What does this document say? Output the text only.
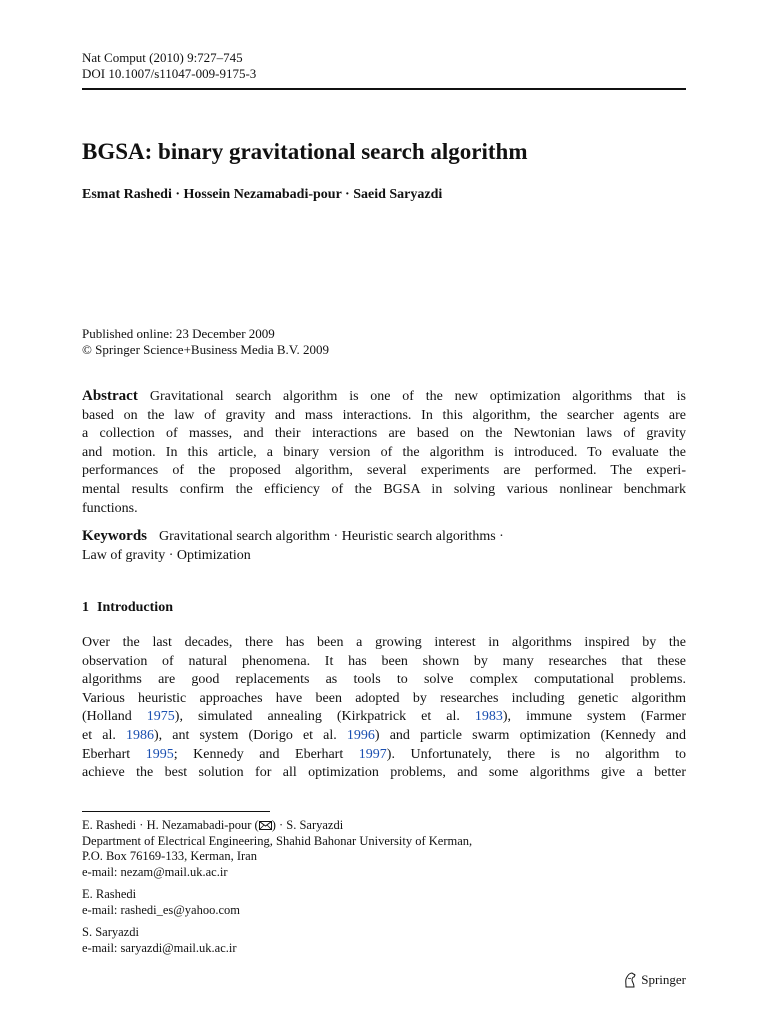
Nat Comput (2010) 9:727–745
DOI 10.1007/s11047-009-9175-3
BGSA: binary gravitational search algorithm
Esmat Rashedi · Hossein Nezamabadi-pour · Saeid Saryazdi
Published online: 23 December 2009
© Springer Science+Business Media B.V. 2009
Abstract Gravitational search algorithm is one of the new optimization algorithms that is
based on the law of gravity and mass interactions. In this algorithm, the searcher agents are
a collection of masses, and their interactions are based on the Newtonian laws of gravity
and motion. In this article, a binary version of the algorithm is introduced. To evaluate the
performances of the proposed algorithm, several experiments are performed. The experi-
mental results confirm the efficiency of the BGSA in solving various nonlinear benchmark
functions.
Keywords Gravitational search algorithm · Heuristic search algorithms ·
Law of gravity · Optimization
1 Introduction
Over the last decades, there has been a growing interest in algorithms inspired by the
observation of natural phenomena. It has been shown by many researches that these
algorithms are good replacements as tools to solve complex computational problems.
Various heuristic approaches have been adopted by researches including genetic algorithm
(Holland 1975), simulated annealing (Kirkpatrick et al. 1983), immune system (Farmer
et al. 1986), ant system (Dorigo et al. 1996) and particle swarm optimization (Kennedy and
Eberhart 1995; Kennedy and Eberhart 1997). Unfortunately, there is no algorithm to
achieve the best solution for all optimization problems, and some algorithms give a better
E. Rashedi · H. Nezamabadi-pour ( ) · S. Saryazdi
Department of Electrical Engineering, Shahid Bahonar University of Kerman,
P.O. Box 76169-133, Kerman, Iran
e-mail: nezam@mail.uk.ac.ir
E. Rashedi
e-mail: rashedi_es@yahoo.com
S. Saryazdi
e-mail: saryazdi@mail.uk.ac.ir
Springer
